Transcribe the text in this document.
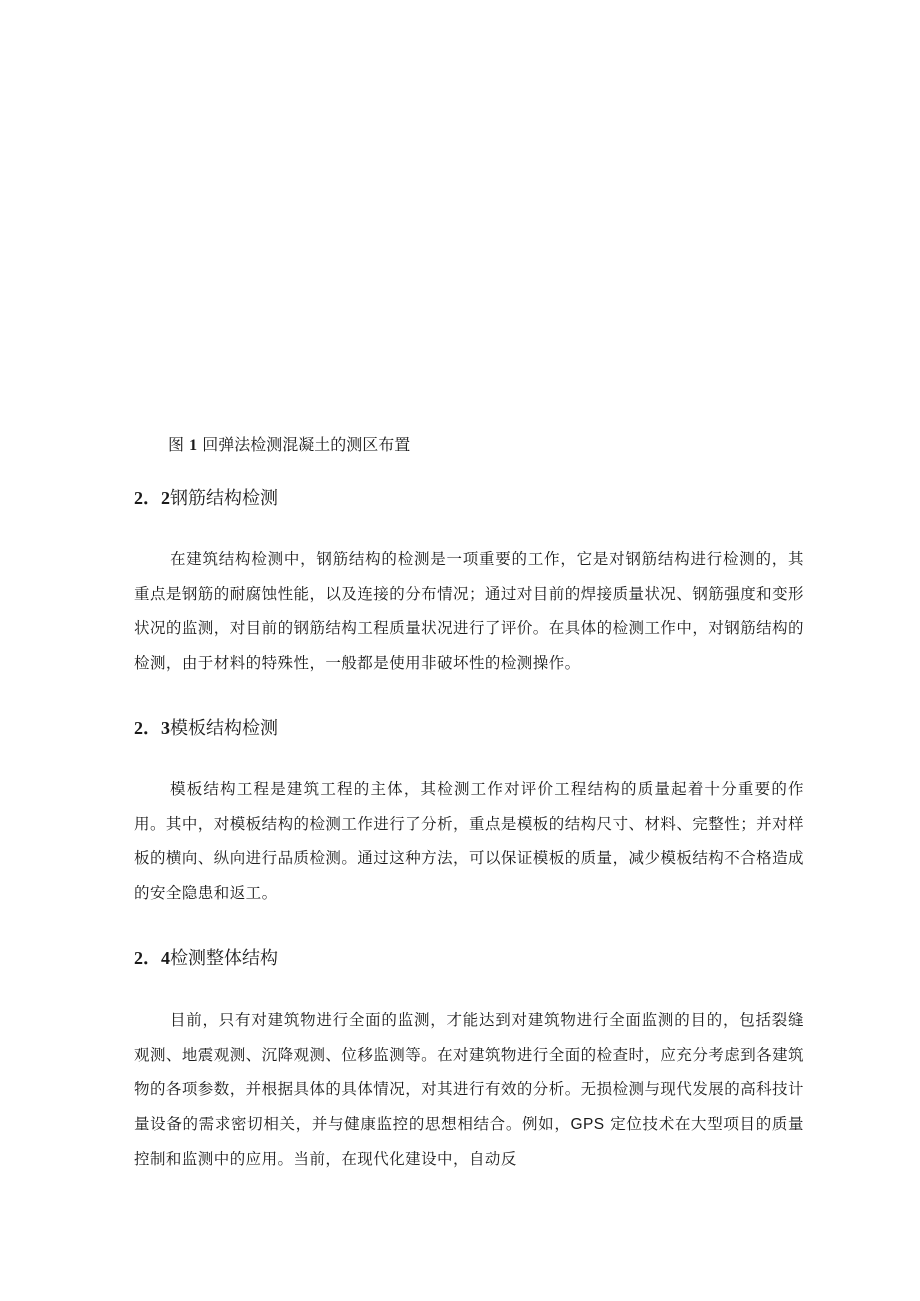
图 1 回弹法检测混凝土的测区布置
2．2钢筋结构检测

在建筑结构检测中，钢筋结构的检测是一项重要的工作，它是对钢筋结构进行检测的，其重点是钢筋的耐腐蚀性能，以及连接的分布情况；通过对目前的焊接质量状况、钢筋强度和变形状况的监测，对目前的钢筋结构工程质量状况进行了评价。在具体的检测工作中，对钢筋结构的检测，由于材料的特殊性，一般都是使用非破坏性的检测操作。

2．3模板结构检测

模板结构工程是建筑工程的主体，其检测工作对评价工程结构的质量起着十分重要的作用。其中，对模板结构的检测工作进行了分析，重点是模板的结构尺寸、材料、完整性；并对样板的横向、纵向进行品质检测。通过这种方法，可以保证模板的质量，减少模板结构不合格造成的安全隐患和返工。

2．4检测整体结构

目前，只有对建筑物进行全面的监测，才能达到对建筑物进行全面监测的目的，包括裂缝观测、地震观测、沉降观测、位移监测等。在对建筑物进行全面的检查时，应充分考虑到各建筑物的各项参数，并根据具体的具体情况，对其进行有效的分析。无损检测与现代发展的高科技计量设备的需求密切相关，并与健康监控的思想相结合。例如，GPS 定位技术在大型项目的质量控制和监测中的应用。当前，在现代化建设中，自动反
